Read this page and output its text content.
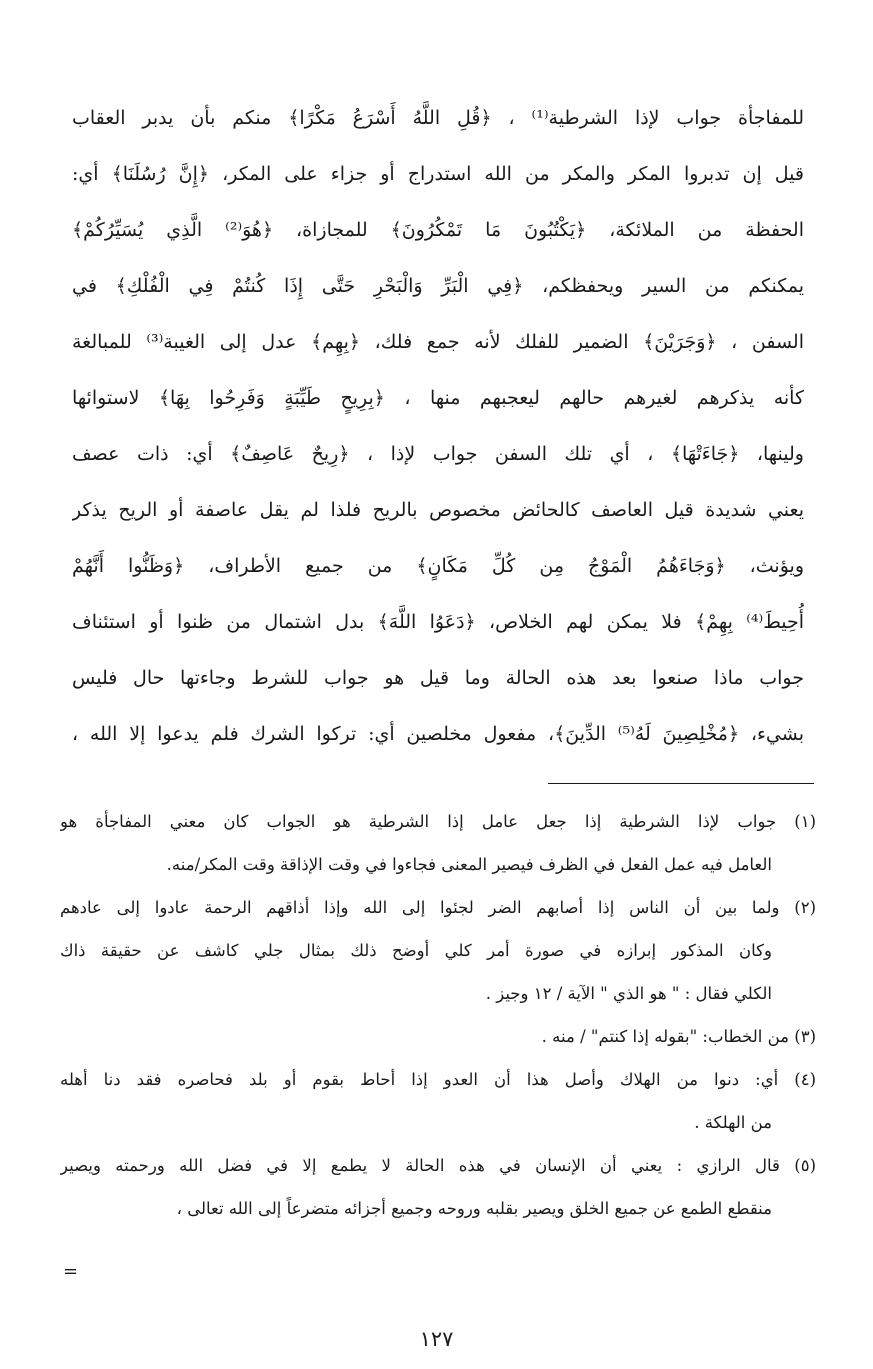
للمفاجأة جواب لإذا الشرطية⁽¹⁾ ، ﴿قُلِ اللَّهُ أَسْرَعُ مَكْرًا﴾ منكم بأن يدبر العقاب
قيل إن تدبروا المكر والمكر من الله استدراج أو جزاء على المكر، ﴿إِنَّ رُسُلَنَا﴾ أي:
الحفظة من الملائكة، ﴿يَكْتُبُونَ مَا تَمْكُرُونَ﴾ للمجازاة، ﴿هُوَ⁽²⁾ الَّذِي يُسَيِّرُكُمْ﴾
يمكنكم من السير ويحفظكم، ﴿فِي الْبَرِّ وَالْبَحْرِ حَتَّى إِذَا كُنتُمْ فِي الْفُلْكِ﴾ في
السفن ، ﴿وَجَرَيْنَ﴾ الضمير للفلك لأنه جمع فلك، ﴿بِهِم﴾ عدل إلى الغيبة⁽³⁾ للمبالغة
كأنه يذكرهم لغيرهم حالهم ليعجبهم منها ، ﴿بِرِيحٍ طَيِّبَةٍ وَفَرِحُوا بِهَا﴾ لاستوائها
ولينها، ﴿جَاءَتْهَا﴾ ، أي تلك السفن جواب لإذا ، ﴿رِيحٌ عَاصِفٌ﴾ أي: ذات عصف
يعني شديدة قيل العاصف كالحائض مخصوص بالريح فلذا لم يقل عاصفة أو الريح يذكر
ويؤنث، ﴿وَجَاءَهُمُ الْمَوْجُ مِن كُلِّ مَكَانٍ﴾ من جميع الأطراف، ﴿وَظَنُّوا أَنَّهُمْ
أُحِيطَ⁽⁴⁾ بِهِمْ﴾ فلا يمكن لهم الخلاص، ﴿دَعَوُا اللَّهَ﴾ بدل اشتمال من ظنوا أو استئناف
جواب ماذا صنعوا بعد هذه الحالة وما قيل هو جواب للشرط وجاءتها حال فليس
بشيء، ﴿مُخْلِصِينَ لَهُ⁽⁵⁾ الدِّينَ﴾، مفعول مخلصين أي: تركوا الشرك فلم يدعوا إلا الله ،
(١) جواب لإذا الشرطية إذا جعل عامل إذا الشرطية هو الجواب كان معني المفاجأة هو
العامل فيه عمل الفعل في الظرف فيصير المعنى فجاءوا في وقت الإذاقة وقت المكر/منه.
(٢) ولما بين أن الناس إذا أصابهم الضر لجئوا إلى الله وإذا أذاقهم الرحمة عادوا إلى عادهم
وكان المذكور إبرازه في صورة أمر كلي أوضح ذلك بمثال جلي كاشف عن حقيقة ذاك
الكلي فقال : " هو الذي " الآية / ١٢ وجيز .
(٣) من الخطاب: "بقوله إذا كنتم" / منه .
(٤) أي: دنوا من الهلاك وأصل هذا أن العدو إذا أحاط بقوم أو بلد فحاصره فقد دنا أهله
من الهلكة .
(٥) قال الرازي : يعني أن الإنسان في هذه الحالة لا يطمع إلا في فضل الله ورحمته ويصير
منقطع الطمع عن جميع الخلق ويصير بقلبه وروحه وجميع أجزائه متضرعاً إلى الله تعالى ،
=
١٢٧
